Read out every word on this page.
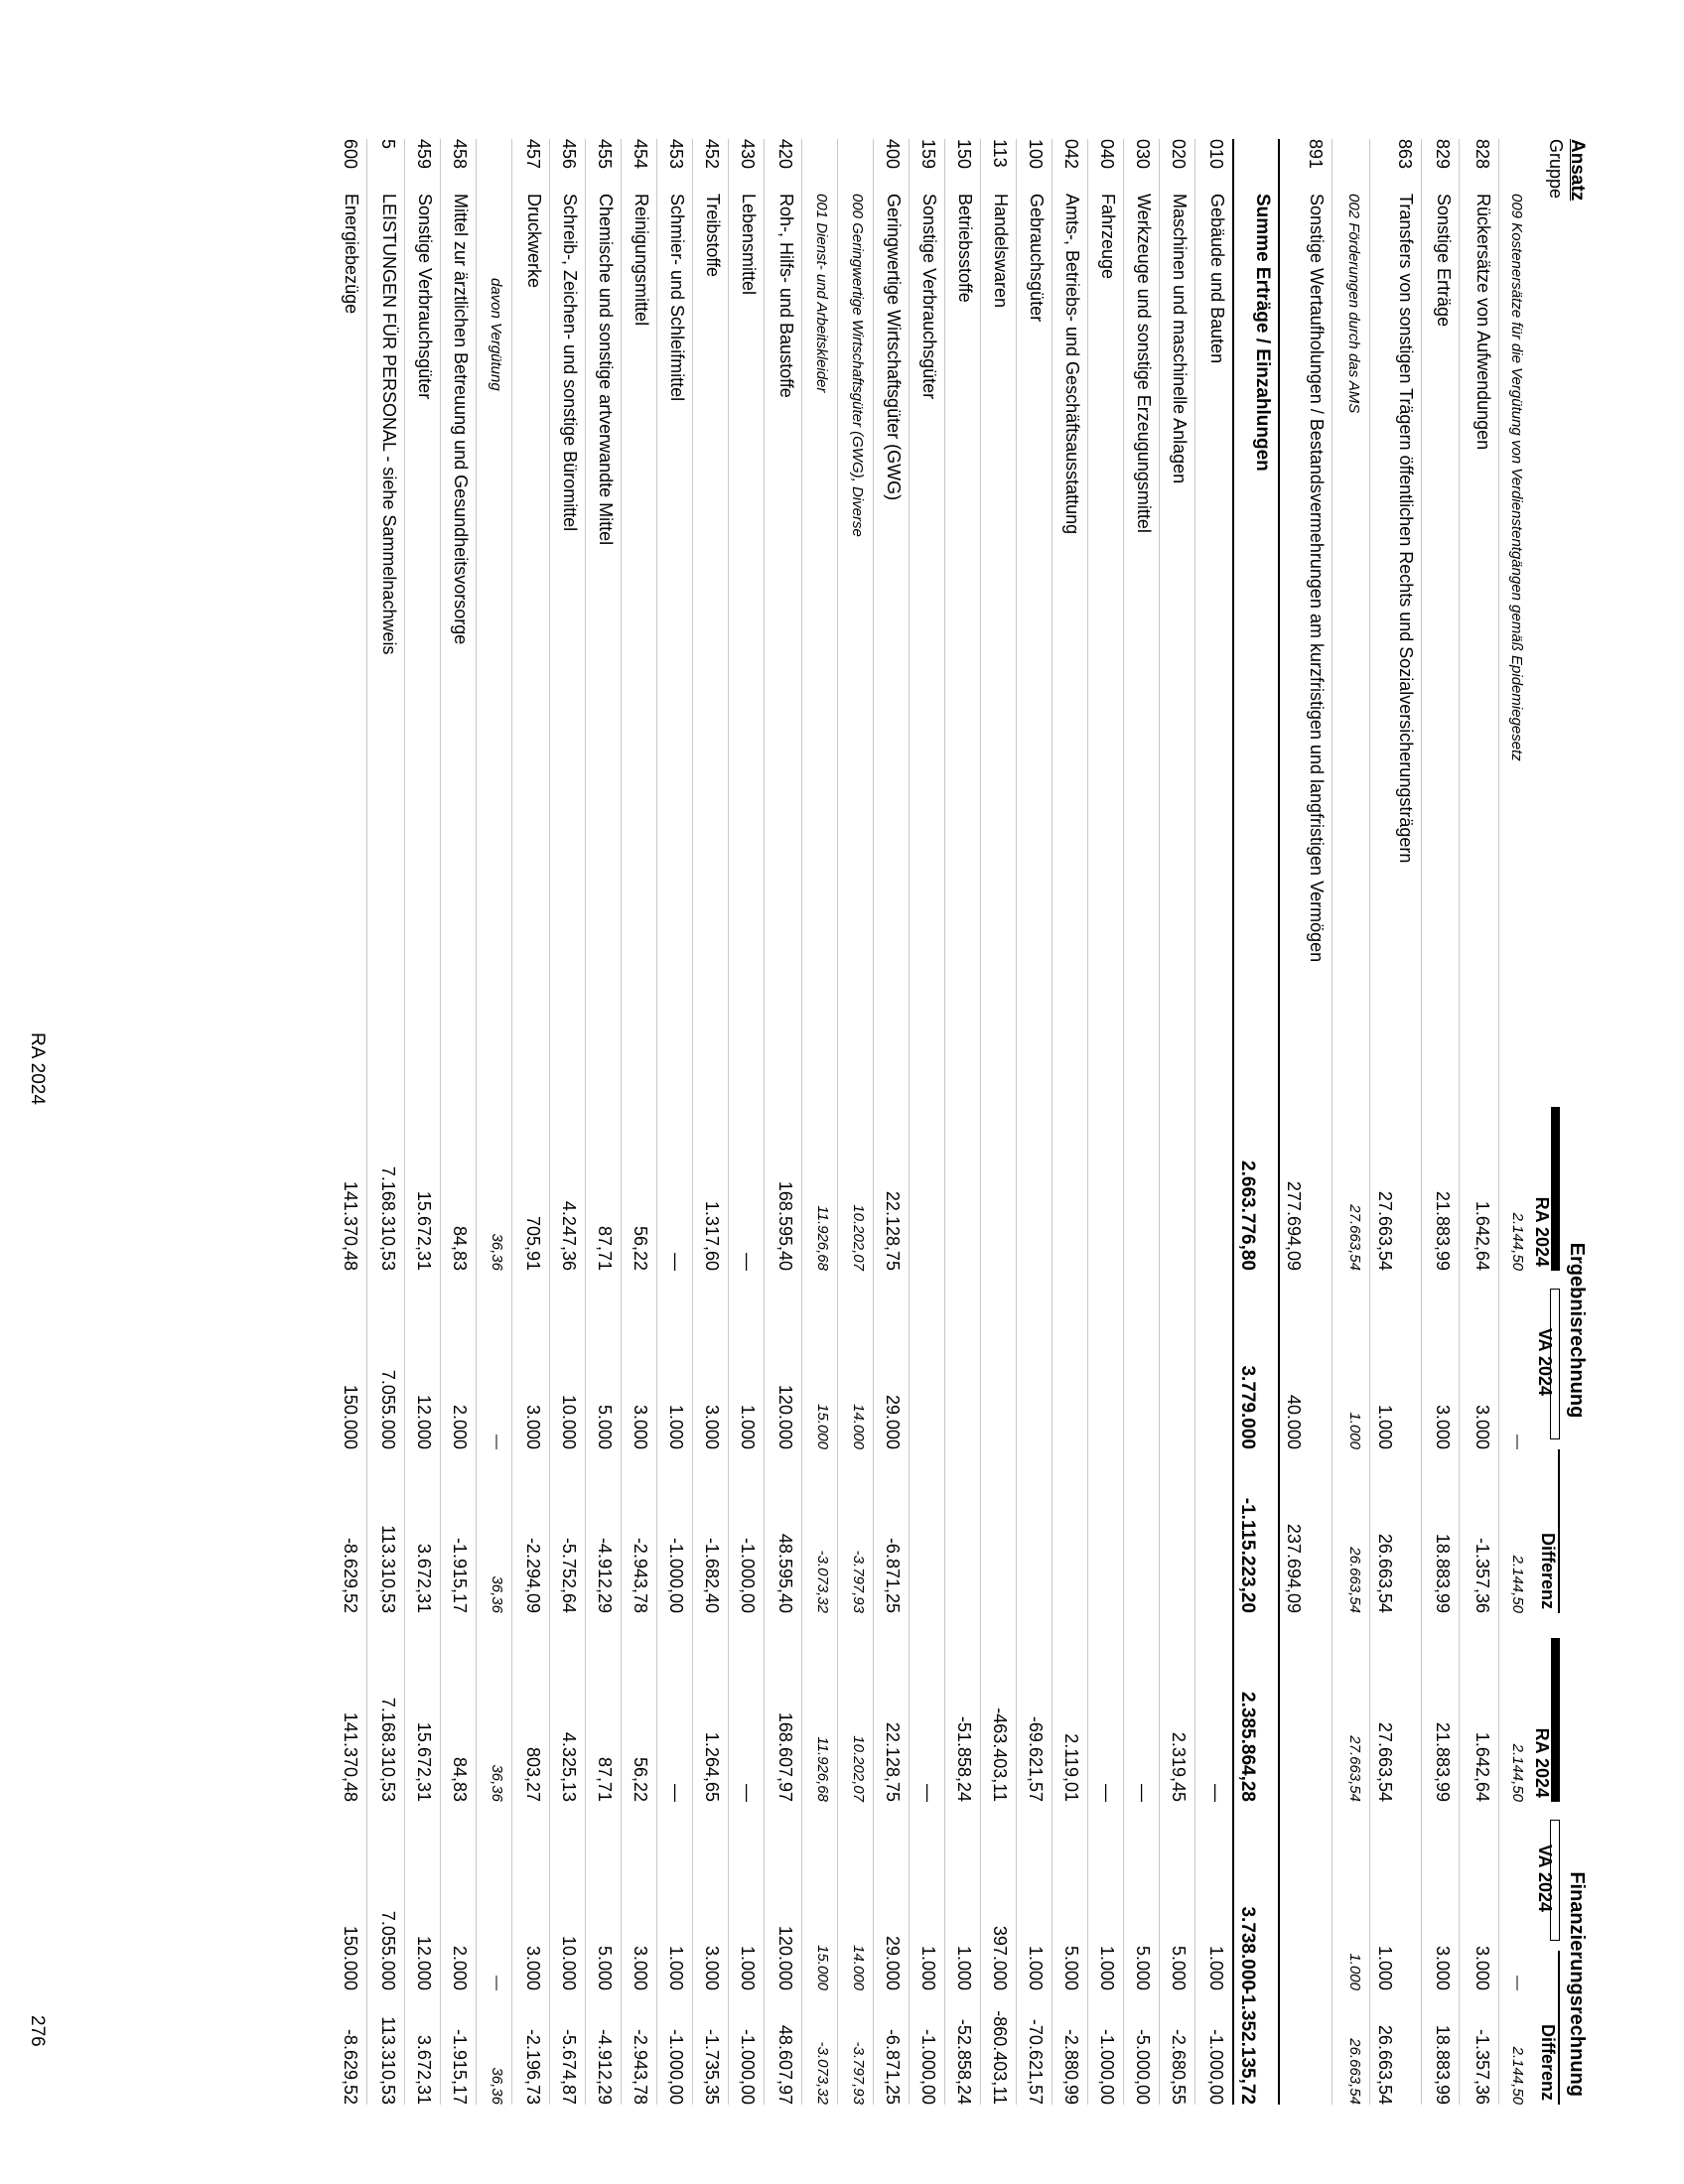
Ansatz
Gruppe
Ergebnisrechnung
Finanzierungsrechnung
RA 2024
VA 2024
Differenz
RA 2024
VA 2024
Differenz
009 Kostenersätze für die Vergütung von Verdienstentgängen gemäß Epidemiegesetz
2.144,50
—
2.144,50
2.144,50
—
2.144,50
828
Rückersätze von Aufwendungen
1.642,64
3.000
-1.357,36
1.642,64
3.000
-1.357,36
829
Sonstige Erträge
21.883,99
3.000
18.883,99
21.883,99
3.000
18.883,99
863
Transfers von sonstigen Trägern öffentlichen Rechts und Sozialversicherungsträgern
27.663,54
1.000
26.663,54
27.663,54
1.000
26.663,54
002 Förderungen durch das AMS
27.663,54
1.000
26.663,54
27.663,54
1.000
26.663,54
891
Sonstige Wertaufholungen / Bestandsvermehrungen am kurzfristigen und langfristigen Vermögen
277.694,09
40.000
237.694,09
Summe Erträge / Einzahlungen
2.663.776,80
3.779.000
-1.115.223,20
2.385.864,28
3.738.000
-1.352.135,72
010
Gebäude und Bauten
—
1.000
-1.000,00
020
Maschinen und maschinelle Anlagen
2.319,45
5.000
-2.680,55
030
Werkzeuge und sonstige Erzeugungsmittel
—
5.000
-5.000,00
040
Fahrzeuge
—
1.000
-1.000,00
042
Amts-, Betriebs- und Geschäftsausstattung
2.119,01
5.000
-2.880,99
100
Gebrauchsgüter
-69.621,57
1.000
-70.621,57
113
Handelswaren
-463.403,11
397.000
-860.403,11
150
Betriebsstoffe
-51.858,24
1.000
-52.858,24
159
Sonstige Verbrauchsgüter
—
1.000
-1.000,00
400
Geringwertige Wirtschaftsgüter (GWG)
22.128,75
29.000
-6.871,25
22.128,75
29.000
-6.871,25
000 Geringwertige Wirtschaftsgüter (GWG), Diverse
10.202,07
14.000
-3.797,93
10.202,07
14.000
-3.797,93
001 Dienst- und Arbeitskleider
11.926,68
15.000
-3.073,32
11.926,68
15.000
-3.073,32
420
Roh-, Hilfs- und Baustoffe
168.595,40
120.000
48.595,40
168.607,97
120.000
48.607,97
430
Lebensmittel
—
1.000
-1.000,00
—
1.000
-1.000,00
452
Treibstoffe
1.317,60
3.000
-1.682,40
1.264,65
3.000
-1.735,35
453
Schmier- und Schleifmittel
—
1.000
-1.000,00
—
1.000
-1.000,00
454
Reinigungsmittel
56,22
3.000
-2.943,78
56,22
3.000
-2.943,78
455
Chemische und sonstige artverwandte Mittel
87,71
5.000
-4.912,29
87,71
5.000
-4.912,29
456
Schreib-, Zeichen- und sonstige Büromittel
4.247,36
10.000
-5.752,64
4.325,13
10.000
-5.674,87
457
Druckwerke
705,91
3.000
-2.294,09
803,27
3.000
-2.196,73
davon Vergütung
36,36
—
36,36
36,36
—
36,36
458
Mittel zur ärztlichen Betreuung und Gesundheitsvorsorge
84,83
2.000
-1.915,17
84,83
2.000
-1.915,17
459
Sonstige Verbrauchsgüter
15.672,31
12.000
3.672,31
15.672,31
12.000
3.672,31
5
LEISTUNGEN FÜR PERSONAL - siehe Sammelnachweis
7.168.310,53
7.055.000
113.310,53
7.168.310,53
7.055.000
113.310,53
600
Energiebezüge
141.370,48
150.000
-8.629,52
141.370,48
150.000
-8.629,52
RA 2024
276
